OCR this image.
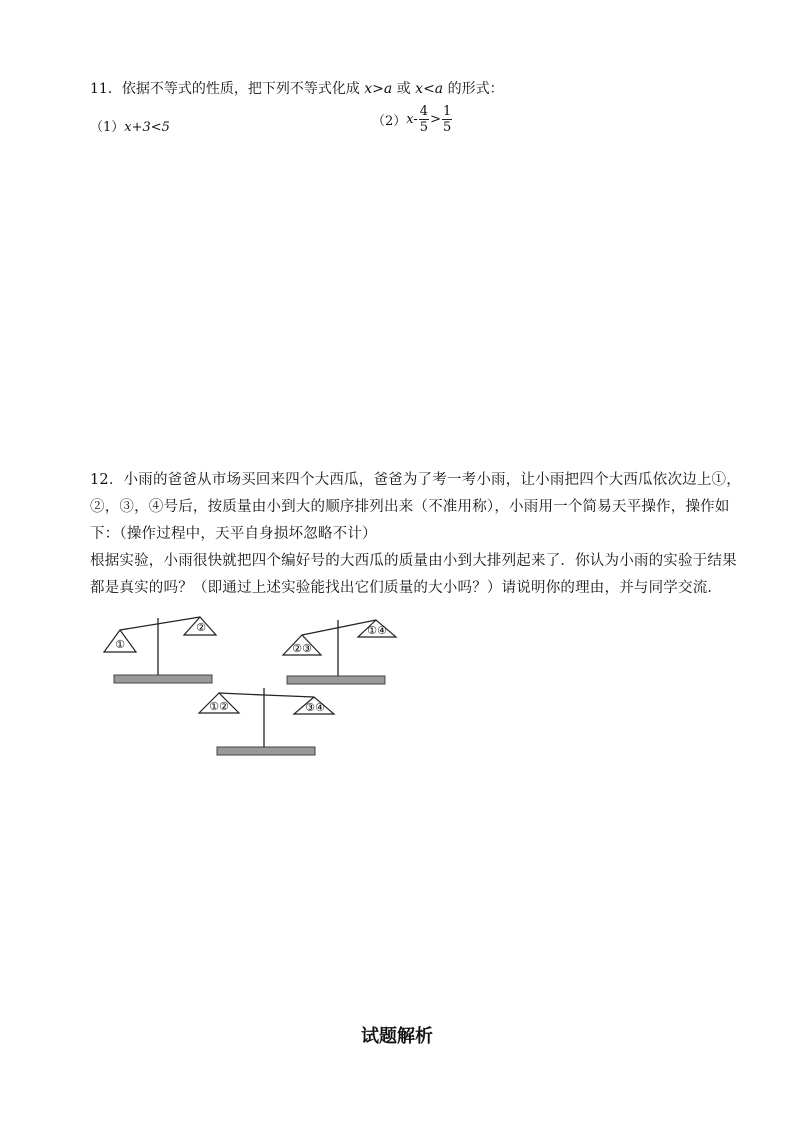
11．依据不等式的性质，把下列不等式化成 x>a 或 x<a 的形式：
（1）x+3<5	（2） $x- \frac{4}{5} > \frac{1}{5}$
12．小雨的爸爸从市场买回来四个大西瓜，爸爸为了考一考小雨，让小雨把四个大西瓜依次边上①，
②，③，④号后，按质量由小到大的顺序排列出来（不准用称），小雨用一个简易天平操作，操作如
下：（操作过程中，天平自身损坏忽略不计）
根据实验，小雨很快就把四个编好号的大西瓜的质量由小到大排列起来了．你认为小雨的实验于结果
都是真实的吗？（即通过上述实验能找出它们质量的大小吗？）请说明你的理由，并与同学交流．
①
②
②③
①④
①②	③④
试题解析
